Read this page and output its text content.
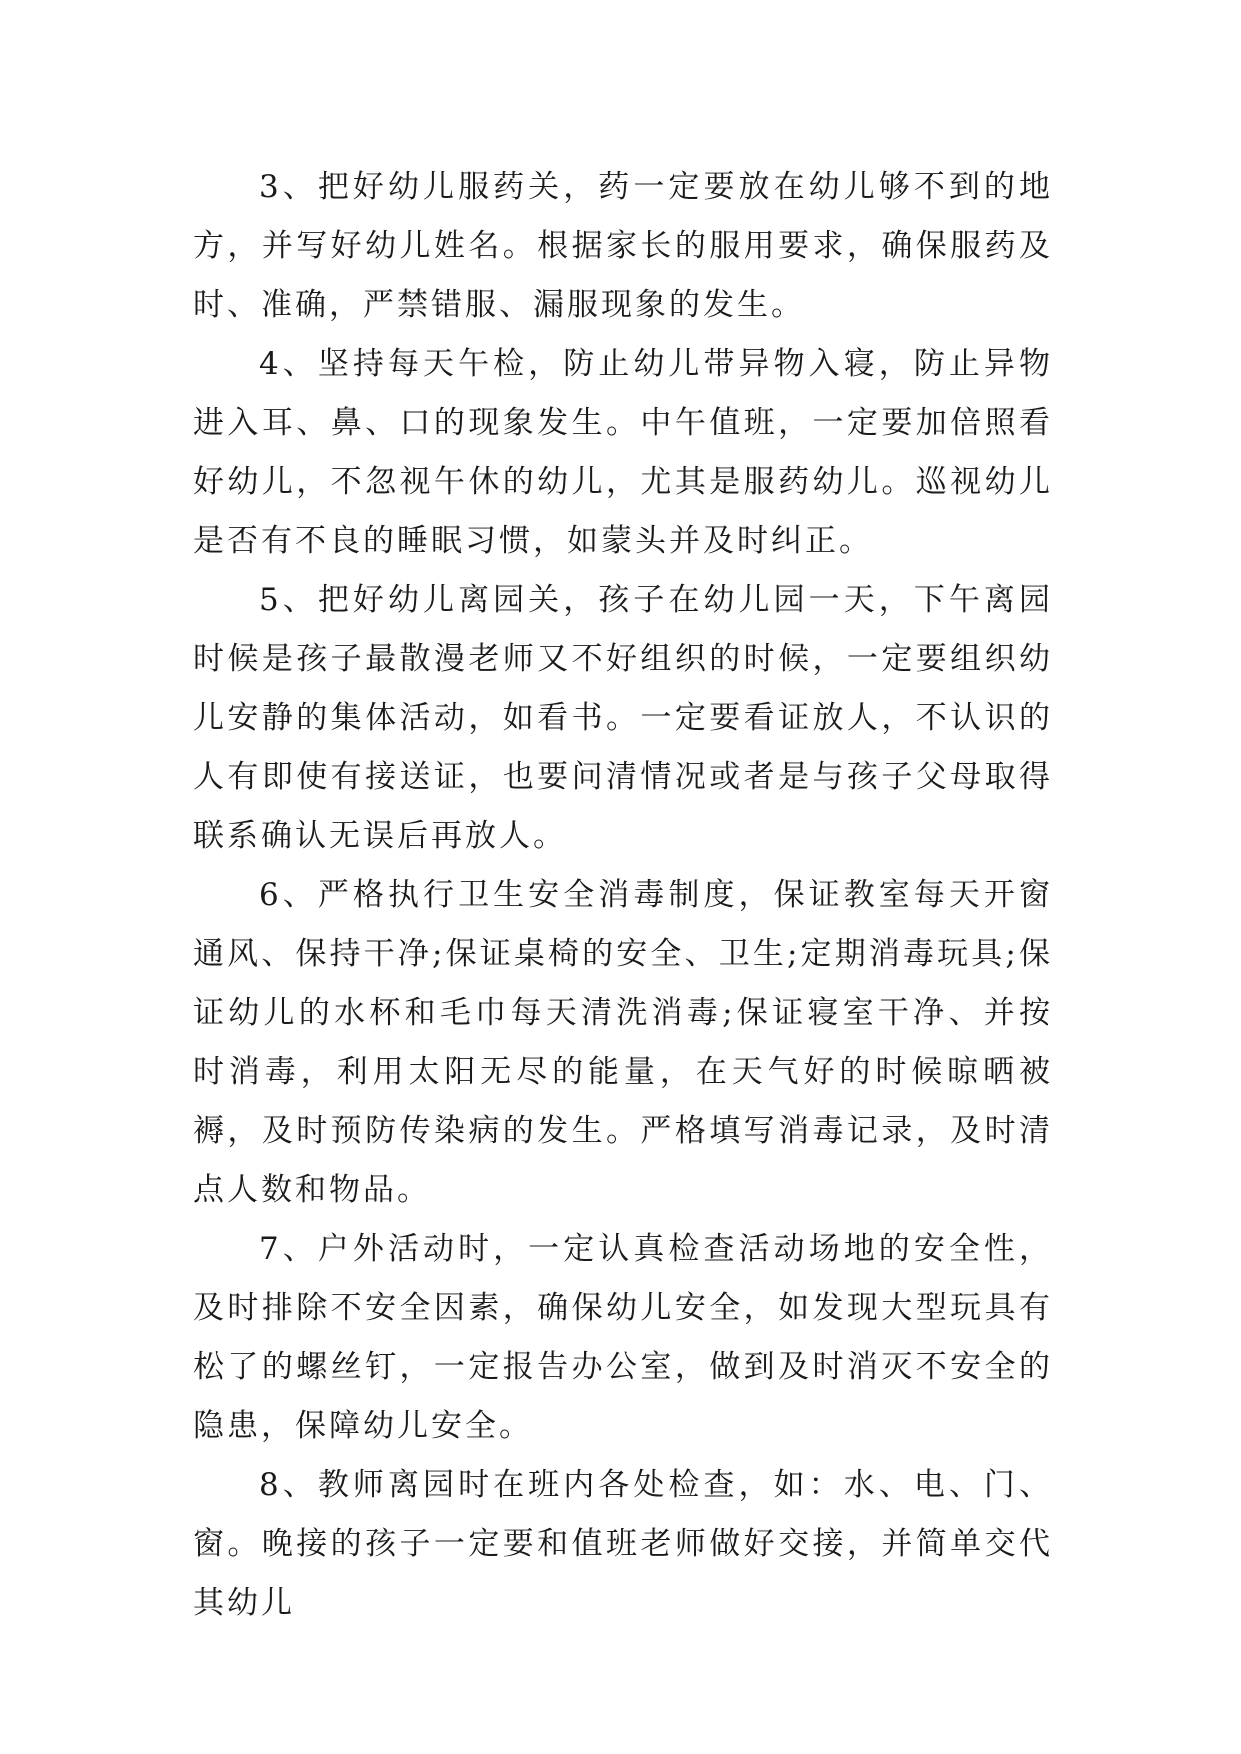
3、把好幼儿服药关，药一定要放在幼儿够不到的地方，并写好幼儿姓名。根据家长的服用要求，确保服药及时、准确，严禁错服、漏服现象的发生。

4、坚持每天午检，防止幼儿带异物入寝，防止异物进入耳、鼻、口的现象发生。中午值班，一定要加倍照看好幼儿，不忽视午休的幼儿，尤其是服药幼儿。巡视幼儿是否有不良的睡眠习惯，如蒙头并及时纠正。

5、把好幼儿离园关，孩子在幼儿园一天，下午离园时候是孩子最散漫老师又不好组织的时候，一定要组织幼儿安静的集体活动，如看书。一定要看证放人，不认识的人有即使有接送证，也要问清情况或者是与孩子父母取得联系确认无误后再放人。

6、严格执行卫生安全消毒制度，保证教室每天开窗通风、保持干净;保证桌椅的安全、卫生;定期消毒玩具;保证幼儿的水杯和毛巾每天清洗消毒;保证寝室干净、并按时消毒，利用太阳无尽的能量，在天气好的时候晾晒被褥，及时预防传染病的发生。严格填写消毒记录，及时清点人数和物品。

7、户外活动时，一定认真检查活动场地的安全性，及时排除不安全因素，确保幼儿安全，如发现大型玩具有松了的螺丝钉，一定报告办公室，做到及时消灭不安全的隐患，保障幼儿安全。

8、教师离园时在班内各处检查，如：水、电、门、窗。晚接的孩子一定要和值班老师做好交接，并简单交代其幼儿
